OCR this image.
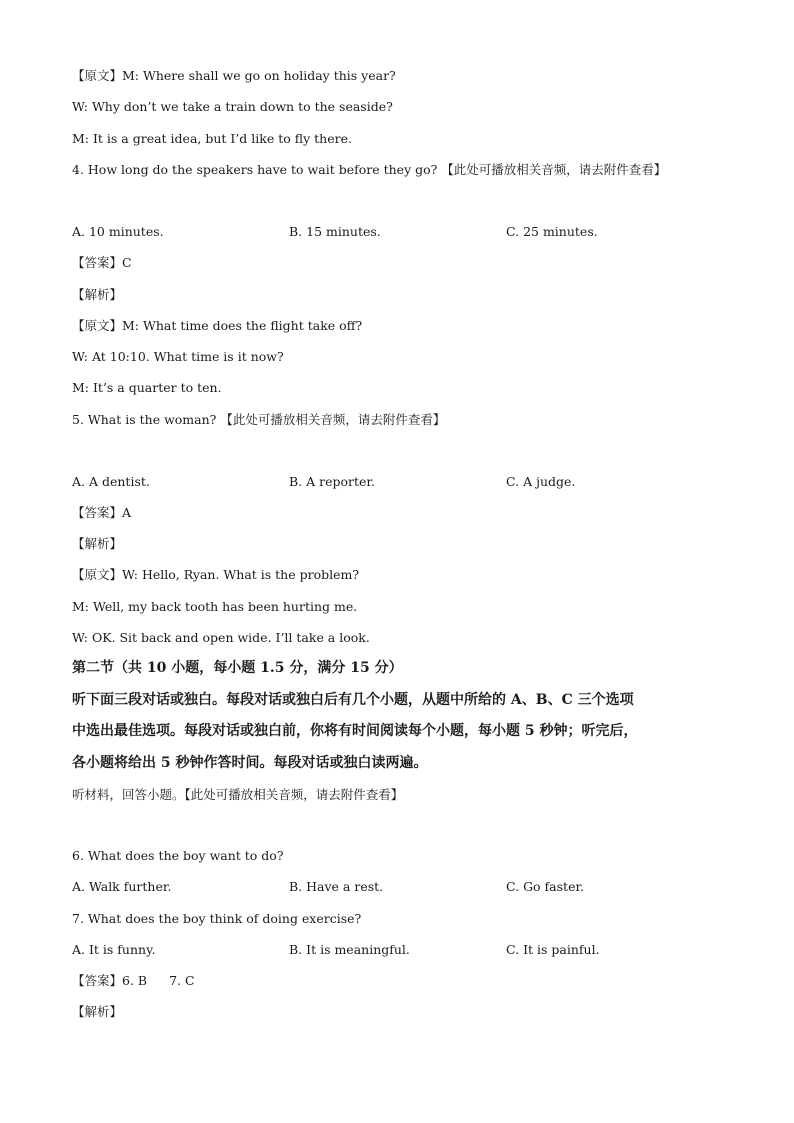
【原文】M: Where shall we go on holiday this year?
W: Why don’t we take a train down to the seaside?
M: It is a great idea, but I’d like to fly there.
4. How long do the speakers have to wait before they go? 【此处可播放相关音频，请去附件查看】
A. 10 minutes.	B. 15 minutes.	C. 25 minutes.
【答案】C
【解析】
【原文】M: What time does the flight take off?
W: At 10:10. What time is it now?
M: It’s a quarter to ten.
5. What is the woman? 【此处可播放相关音频，请去附件查看】
A. A dentist.	B. A reporter.	C. A judge.
【答案】A
【解析】
【原文】W: Hello, Ryan. What is the problem?
M: Well, my back tooth has been hurting me.
W: OK. Sit back and open wide. I’ll take a look.
第二节（共 10 小题，每小题 1.5 分，满分 15 分）
听下面三段对话或独白。每段对话或独白后有几个小题，从题中所给的 A、B、C 三个选项
中选出最佳选项。每段对话或独白前，你将有时间阅读每个小题，每小题 5 秒钟；听完后，
各小题将给出 5 秒钟作答时间。每段对话或独白读两遍。
听材料，回答小题。【此处可播放相关音频，请去附件查看】
6. What does the boy want to do?
A. Walk further.	B. Have a rest.	C. Go faster.
7. What does the boy think of doing exercise?
A. It is funny.	B. It is meaningful.	C. It is painful.
【答案】6. B 7. C
【解析】
